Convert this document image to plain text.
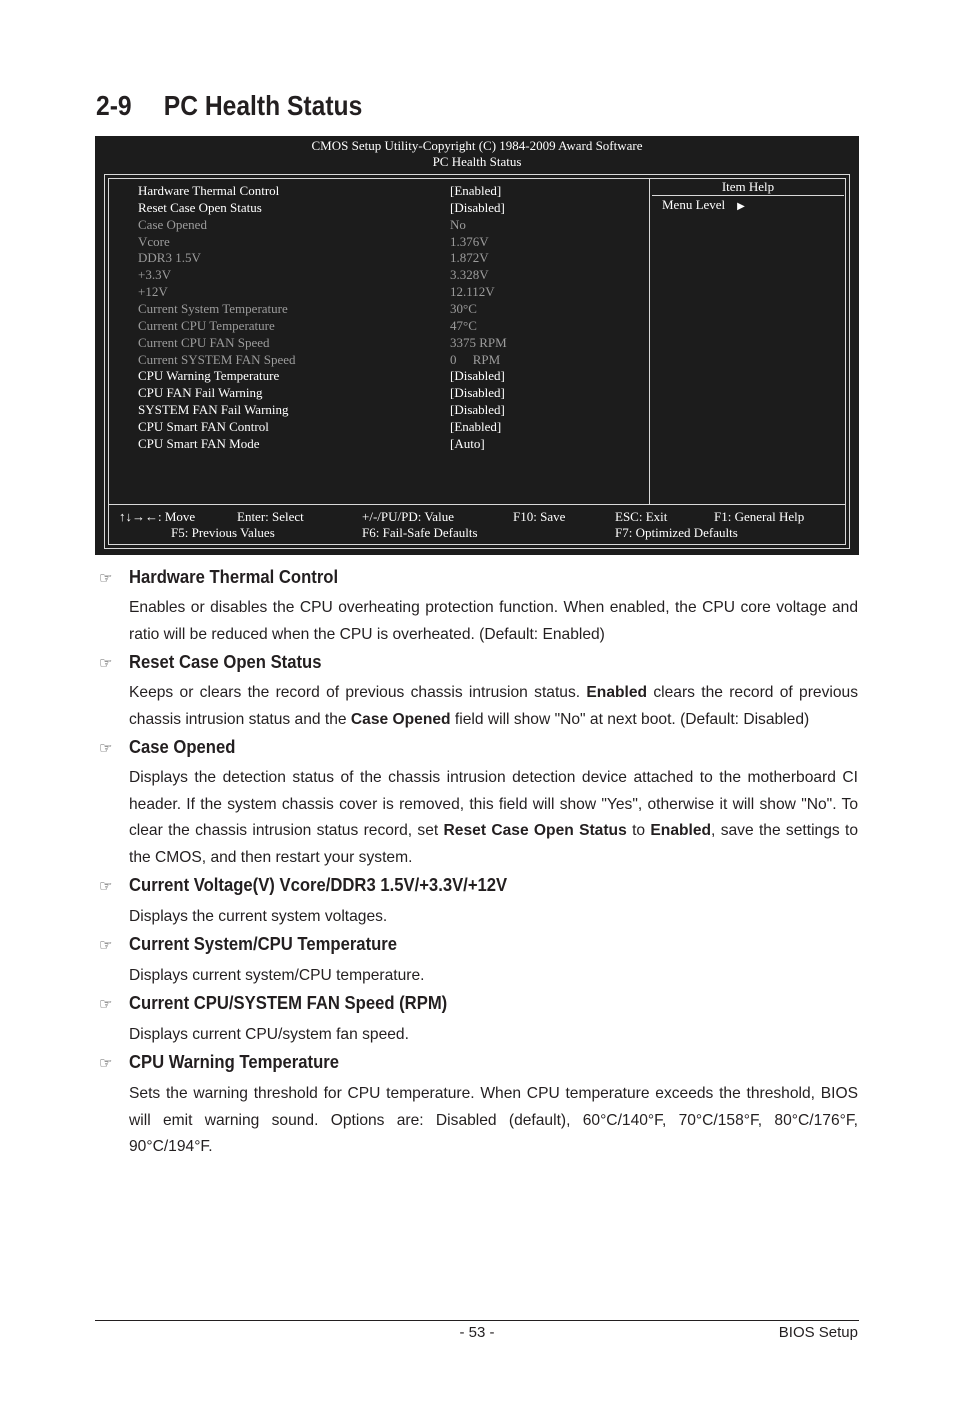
2-9 PC Health Status
CMOS Setup Utility-Copyright (C) 1984-2009 Award Software
PC Health Status
Hardware Thermal Control	[Enabled]
Reset Case Open Status	[Disabled]
Case Opened	No
Vcore	1.376V
DDR3 1.5V	1.872V
+3.3V	3.328V
+12V	12.112V
Current System Temperature	30°C
Current CPU Temperature	47°C
Current CPU FAN Speed	3375 RPM
Current SYSTEM FAN Speed	0     RPM
CPU Warning Temperature	[Disabled]
CPU FAN Fail Warning	[Disabled]
SYSTEM FAN Fail Warning	[Disabled]
CPU Smart FAN Control	[Enabled]
CPU Smart FAN Mode	[Auto]
Item Help
Menu Level ▶
↑↓→←: Move	Enter: Select	+/-/PU/PD: Value	F10: Save	ESC: Exit	F1: General Help
F5: Previous Values	F6: Fail-Safe Defaults	F7: Optimized Defaults
☞ Hardware Thermal Control

Enables or disables the CPU overheating protection function. When enabled, the CPU core voltage and ratio will be reduced when the CPU is overheated. (Default: Enabled)

☞ Reset Case Open Status

Keeps or clears the record of previous chassis intrusion status. Enabled clears the record of previous chassis intrusion status and the Case Opened field will show "No" at next boot. (Default: Disabled)

☞ Case Opened

Displays the detection status of the chassis intrusion detection device attached to the motherboard CI header. If the system chassis cover is removed, this field will show "Yes", otherwise it will show "No". To clear the chassis intrusion status record, set Reset Case Open Status to Enabled, save the settings to the CMOS, and then restart your system.

☞ Current Voltage(V) Vcore/DDR3 1.5V/+3.3V/+12V

Displays the current system voltages.

☞ Current System/CPU Temperature

Displays current system/CPU temperature.

☞ Current CPU/SYSTEM FAN Speed (RPM)

Displays current CPU/system fan speed.

☞ CPU Warning Temperature

Sets the warning threshold for CPU temperature. When CPU temperature exceeds the threshold, BIOS will emit warning sound. Options are: Disabled (default), 60°C/140°F, 70°C/158°F, 80°C/176°F, 90°C/194°F.

- 53 -	BIOS Setup
